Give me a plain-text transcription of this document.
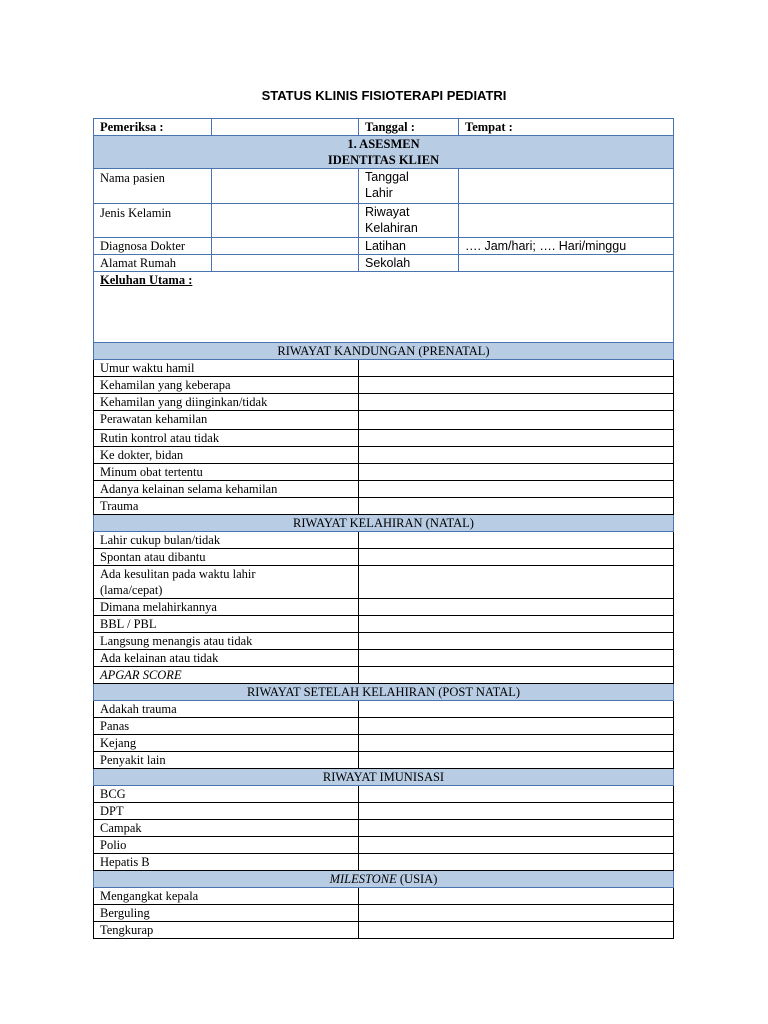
STATUS KLINIS FISIOTERAPI PEDIATRI
Pemeriksa :		Tanggal :	Tempat :

1. ASESMEN
IDENTITAS KLIEN			

Nama pasien		Tanggal
Lahir	

Jenis Kelamin		Riwayat
Kelahiran	

Diagnosa Dokter		Latihan	…. Jam/hari; …. Hari/minggu
Alamat Rumah		Sekolah	
Keluhan Utama :			
RIWAYAT KANDUNGAN (PRENATAL)			
Umur waktu hamil			
Kehamilan yang keberapa			
Kehamilan yang diinginkan/tidak			
Perawatan kehamilan			
Rutin kontrol atau tidak			
Ke dokter, bidan			
Minum obat tertentu			
Adanya kelainan selama kehamilan			
Trauma			
RIWAYAT KELAHIRAN (NATAL)			
Lahir cukup bulan/tidak			
Spontan atau dibantu			

Ada kesulitan pada waktu lahir
(lama/cepat)			

Dimana melahirkannya			
BBL / PBL			
Langsung menangis atau tidak			
Ada kelainan atau tidak			
APGAR SCORE			
RIWAYAT SETELAH KELAHIRAN (POST NATAL)			
Adakah trauma			
Panas			
Kejang			
Penyakit lain			
RIWAYAT IMUNISASI			
BCG			
DPT			
Campak			
Polio			
Hepatis B			
MILESTONE (USIA)			
Mengangkat kepala			
Berguling			
Tengkurap			
